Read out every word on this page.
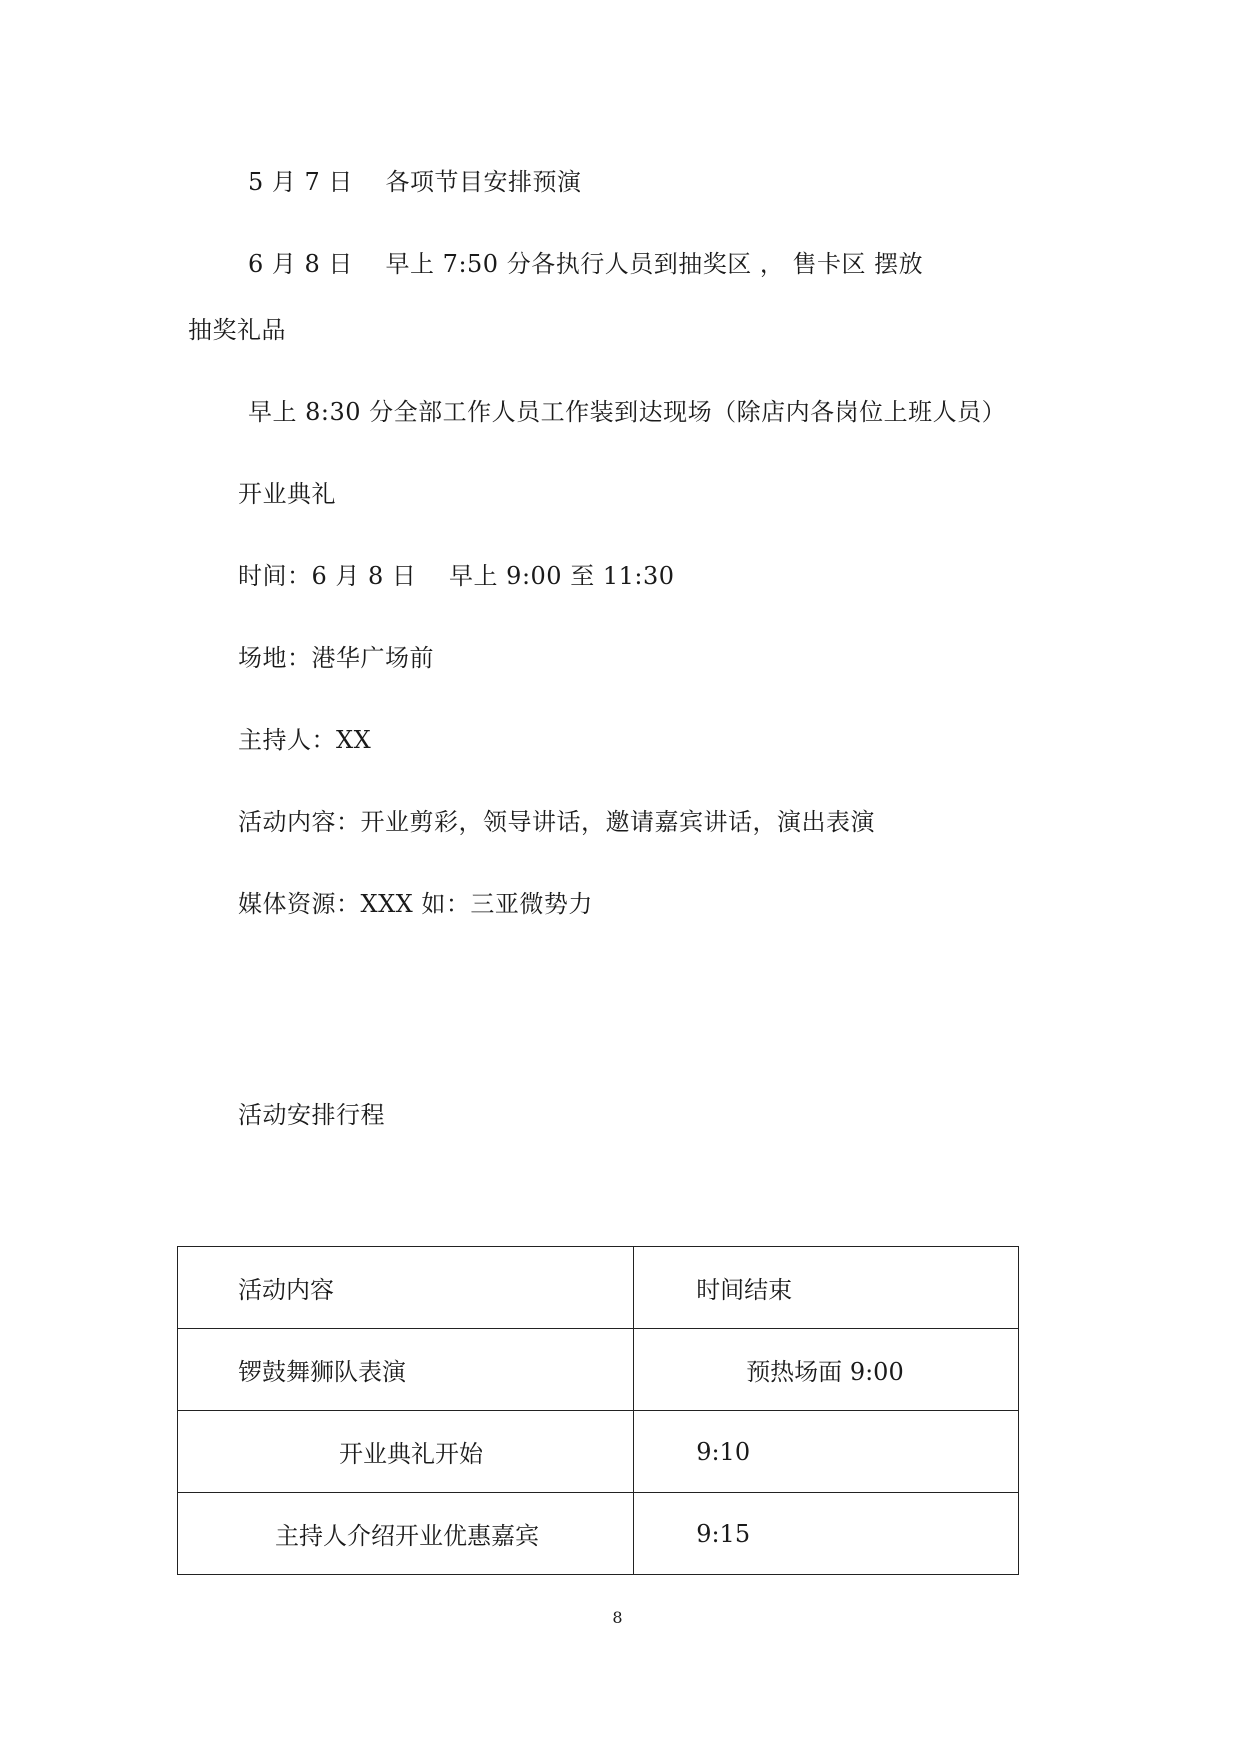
5 月 7 日　 各项节目安排预演
6 月 8 日　 早上 7:50 分各执行人员到抽奖区 ， 售卡区 摆放
抽奖礼品
早上 8:30 分全部工作人员工作装到达现场（除店内各岗位上班人员）
开业典礼
时间：6 月 8 日　 早上 9:00 至 11:30
场地：港华广场前
主持人：XX
活动内容：开业剪彩，领导讲话，邀请嘉宾讲话，演出表演
媒体资源：XXX 如：三亚微势力
活动安排行程
活动内容	时间结束
锣鼓舞狮队表演	预热场面 9:00
开业典礼开始	9:10
主持人介绍开业优惠嘉宾	9:15
8
